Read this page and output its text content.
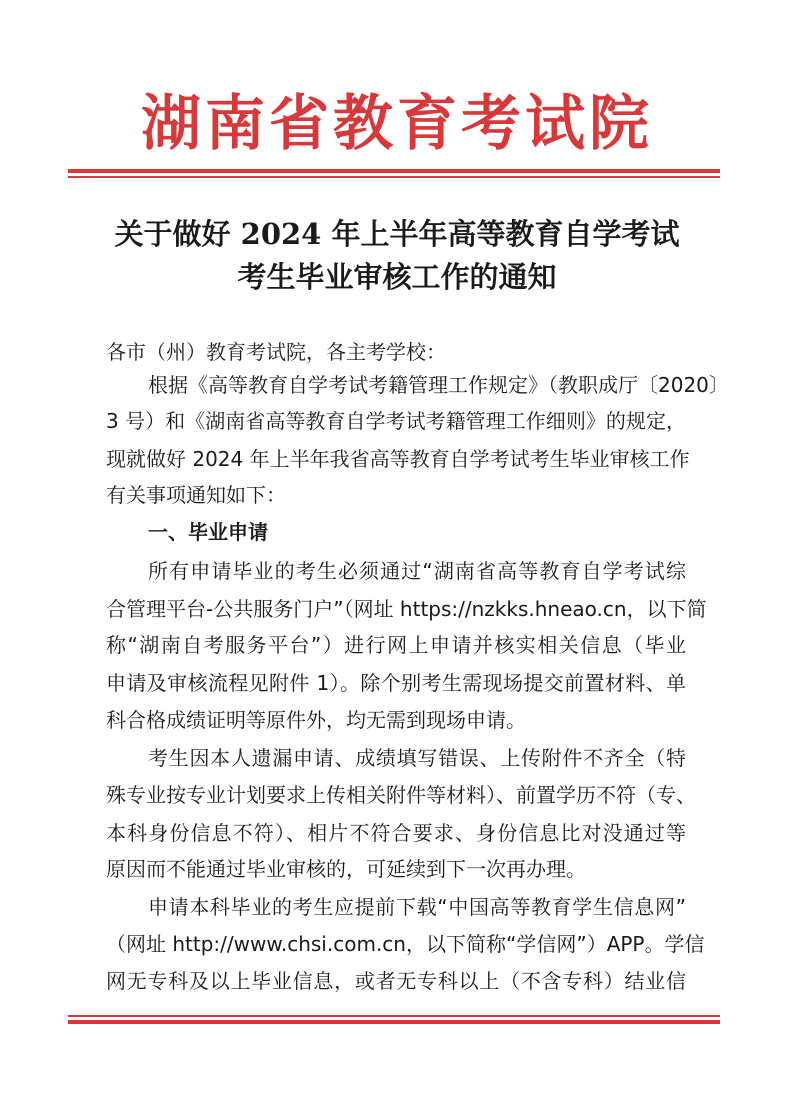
湖南省教育考试院
关于做好 2024 年上半年高等教育自学考试
考生毕业审核工作的通知
各市（州）教育考试院，各主考学校：
根据《高等教育自学考试考籍管理工作规定》（教职成厅〔2020〕
3 号）和《湖南省高等教育自学考试考籍管理工作细则》的规定，
现就做好 2024 年上半年我省高等教育自学考试考生毕业审核工作
有关事项通知如下：
一、毕业申请
所有申请毕业的考生必须通过“湖南省高等教育自学考试综
合管理平台-公共服务门户”（网址 https://nzkks.hneao.cn，以下简
称“湖南自考服务平台”）进行网上申请并核实相关信息（毕业
申请及审核流程见附件 1）。除个别考生需现场提交前置材料、单
科合格成绩证明等原件外，均无需到现场申请。
考生因本人遗漏申请、成绩填写错误、上传附件不齐全（特
殊专业按专业计划要求上传相关附件等材料）、前置学历不符（专、
本科身份信息不符）、相片不符合要求、身份信息比对没通过等
原因而不能通过毕业审核的，可延续到下一次再办理。
申请本科毕业的考生应提前下载“中国高等教育学生信息网”
（网址 http://www.chsi.com.cn，以下简称“学信网”）APP。学信
网无专科及以上毕业信息，或者无专科以上（不含专科）结业信
